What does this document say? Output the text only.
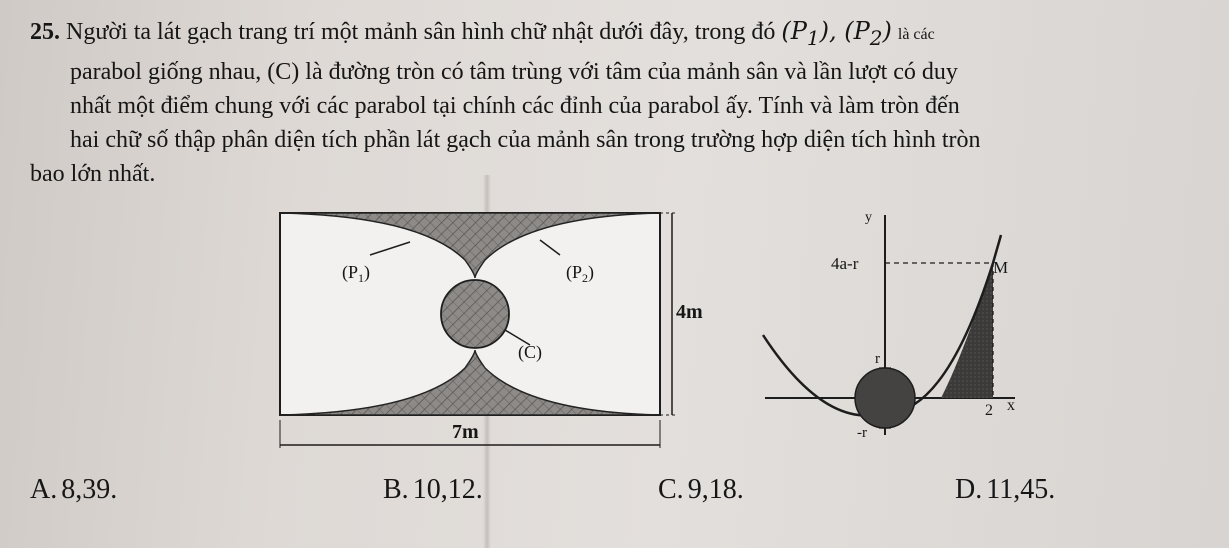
25. Người ta lát gạch trang trí một mảnh sân hình chữ nhật dưới đây, trong đó $(P_1)$, $(P_2)$ là các
parabol giống nhau, (C) là đường tròn có tâm trùng với tâm của mảnh sân và lần lượt có duy
nhất một điểm chung với các parabol tại chính các đỉnh của parabol ấy. Tính và làm tròn đến
hai chữ số thập phân diện tích phần lát gạch của mảnh sân trong trường hợp diện tích hình tròn
bao lớn nhất.
$(P_1)$	$(P_2)$
(C)
4m
7m
y
4a-r	M
r
2 x
-r
A. 8,39.	B. 10,12.	C. 9,18.	D. 11,45.
